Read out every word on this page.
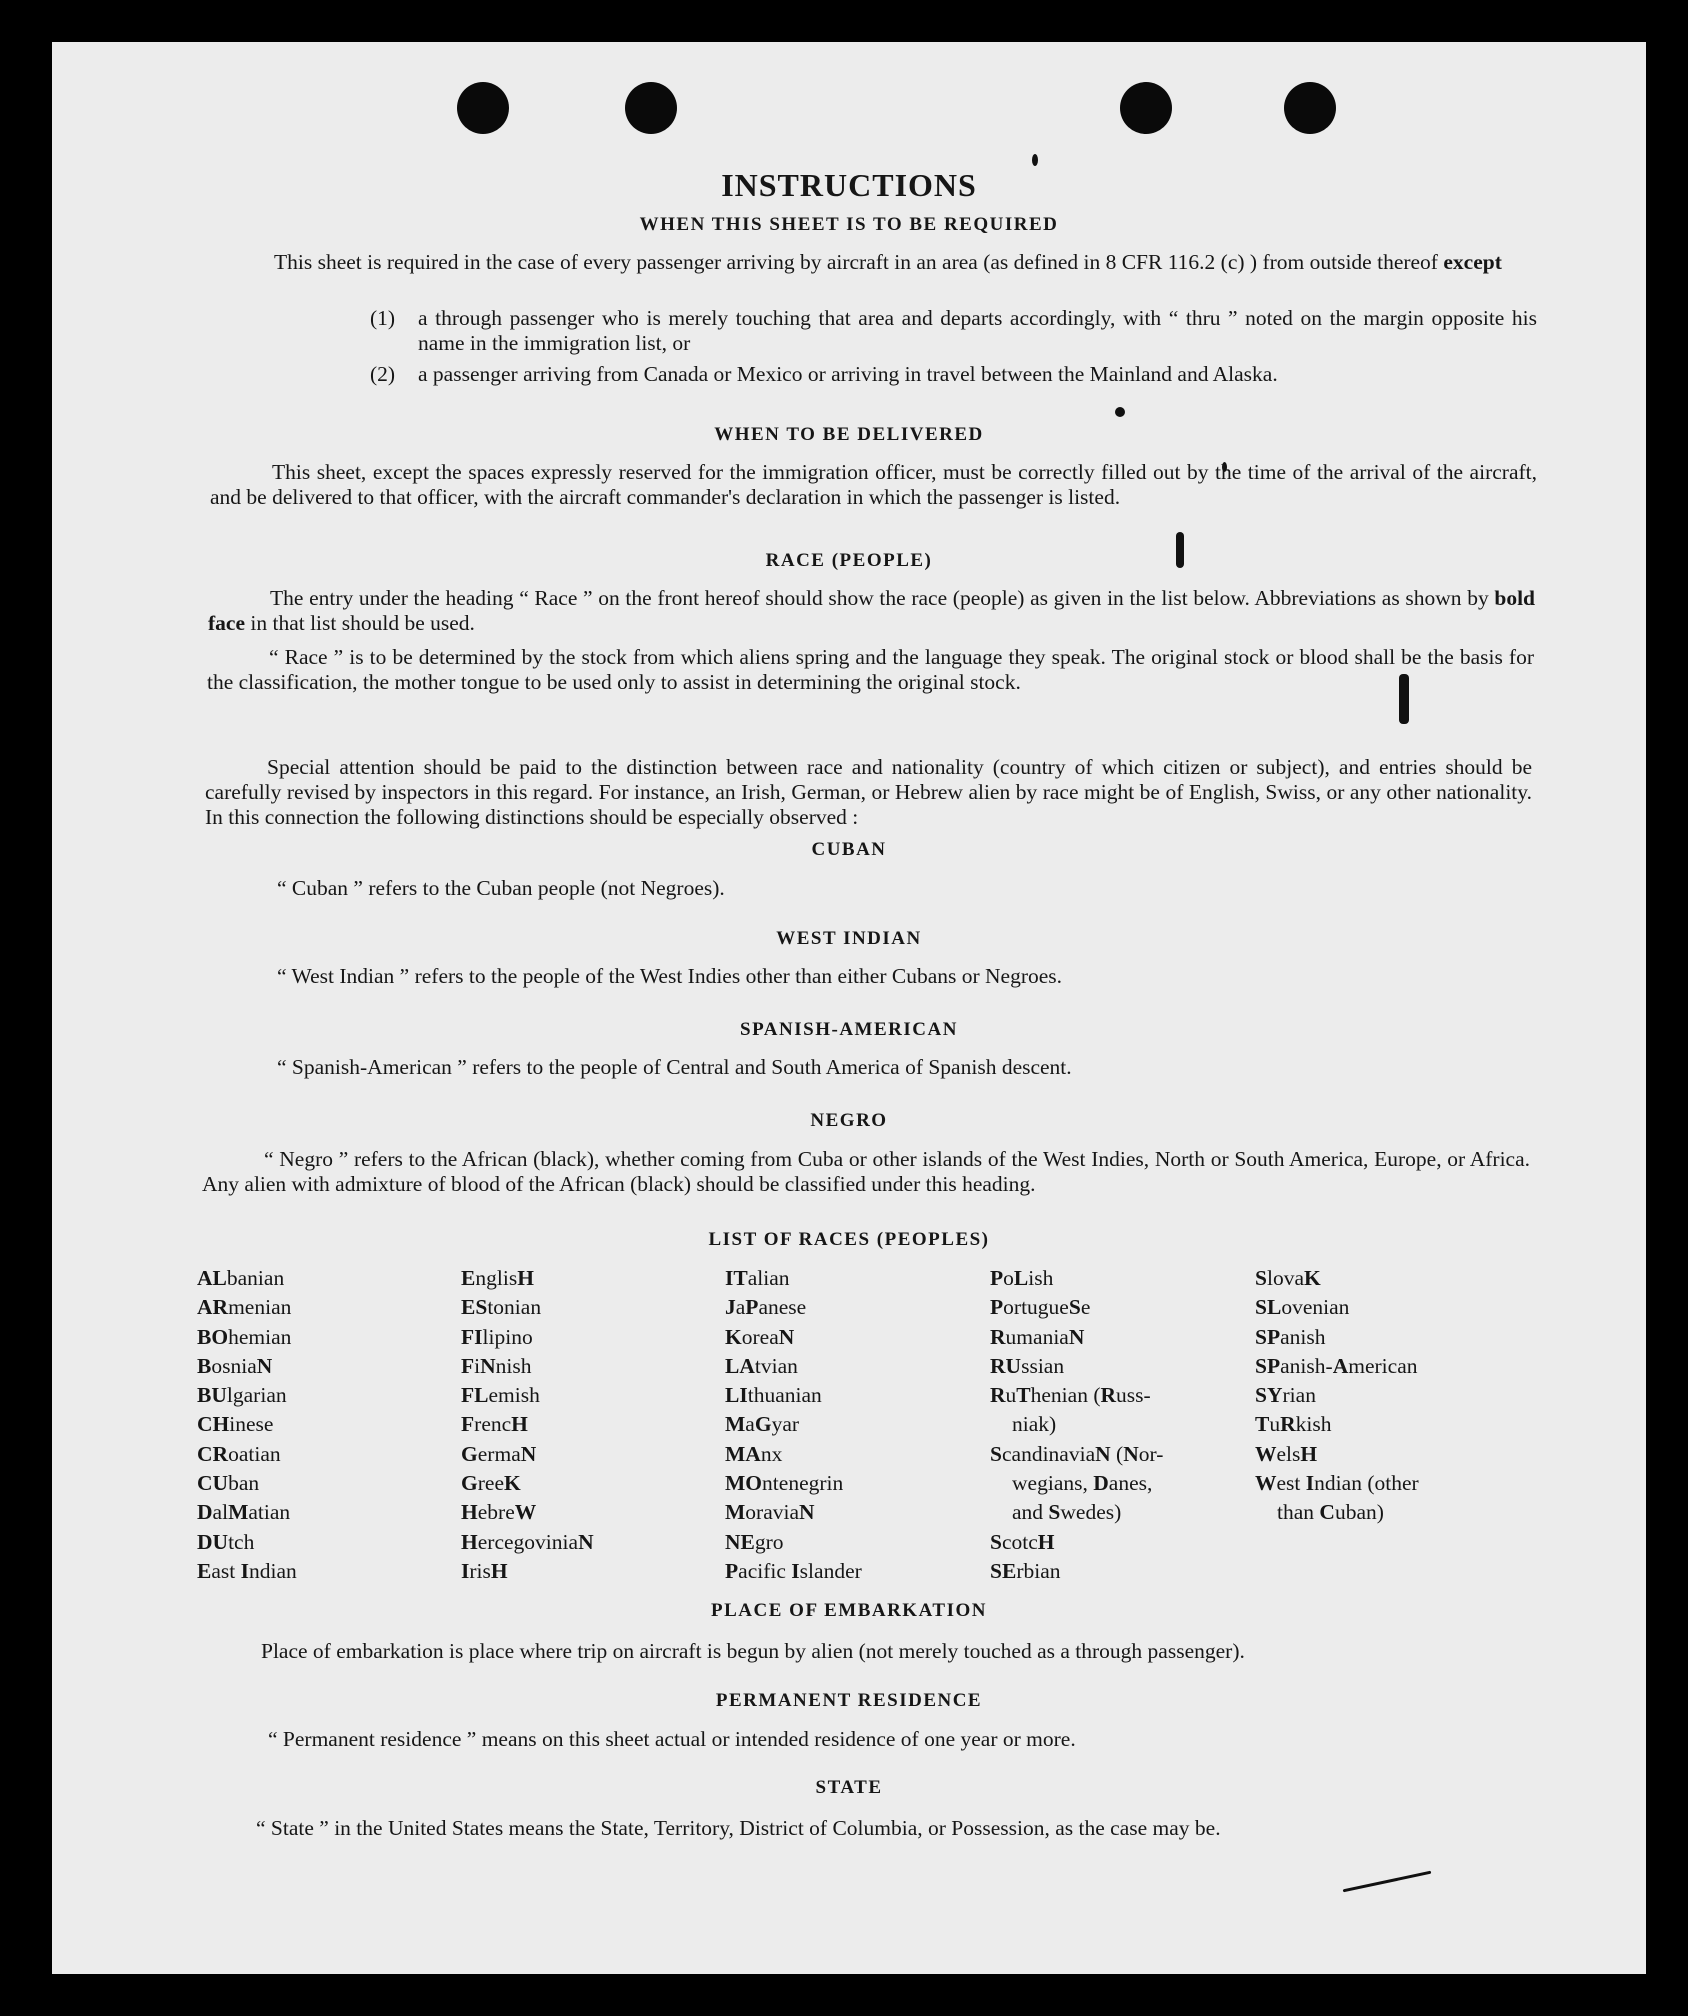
INSTRUCTIONS
WHEN THIS SHEET IS TO BE REQUIRED
This sheet is required in the case of every passenger arriving by aircraft in an area (as defined in 8 CFR 116.2 (c) ) from outside thereof except
(1) a through passenger who is merely touching that area and departs accordingly, with “ thru ” noted on the margin opposite his name in the immigration list, or
(2) a passenger arriving from Canada or Mexico or arriving in travel between the Mainland and Alaska.
WHEN TO BE DELIVERED
This sheet, except the spaces expressly reserved for the immigration officer, must be correctly filled out by the time of the arrival of the aircraft, and be delivered to that officer, with the aircraft commander's declaration in which the passenger is listed.
RACE (PEOPLE)
The entry under the heading “ Race ” on the front hereof should show the race (people) as given in the list below. Abbreviations as shown by bold face in that list should be used.
“ Race ” is to be determined by the stock from which aliens spring and the language they speak. The original stock or blood shall be the basis for the classification, the mother tongue to be used only to assist in determining the original stock.
Special attention should be paid to the distinction between race and nationality (country of which citizen or subject), and entries should be carefully revised by inspectors in this regard. For instance, an Irish, German, or Hebrew alien by race might be of English, Swiss, or any other nationality. In this connection the following distinctions should be especially observed :
CUBAN
“ Cuban ” refers to the Cuban people (not Negroes).
WEST INDIAN
“ West Indian ” refers to the people of the West Indies other than either Cubans or Negroes.
SPANISH-AMERICAN
“ Spanish-American ” refers to the people of Central and South America of Spanish descent.
NEGRO
“ Negro ” refers to the African (black), whether coming from Cuba or other islands of the West Indies, North or South America, Europe, or Africa. Any alien with admixture of blood of the African (black) should be classified under this heading.
LIST OF RACES (PEOPLES)
ALbanian
ARmenian
BOhemian
BosniaN
BUlgarian
CHinese
CRoatian
CUban
DalMatian
DUtch
East Indian
EnglisH
EStonian
FIlipino
FiNnish
FLemish
FrencH
GermaN
GreeK
HebreW
HercegoviniaN
IrisH
ITalian
JaPanese
KoreaN
LAtvian
LIthuanian
MaGyar
MAnx
MOntenegrin
MoraviaN
NEgro
Pacific Islander
PoLish
PortugueSe
RumaniaN
RUssian
RuThenian (Russ-
niak)
ScandinaviaN (Nor-
wegians, Danes,
and Swedes)
ScotcH
SErbian
SlovaK
SLovenian
SPanish
SPanish-American
SYrian
TuRkish
WelsH
West Indian (other
than Cuban)
PLACE OF EMBARKATION
Place of embarkation is place where trip on aircraft is begun by alien (not merely touched as a through passenger).
PERMANENT RESIDENCE
“ Permanent residence ” means on this sheet actual or intended residence of one year or more.
STATE
“ State ” in the United States means the State, Territory, District of Columbia, or Possession, as the case may be.
